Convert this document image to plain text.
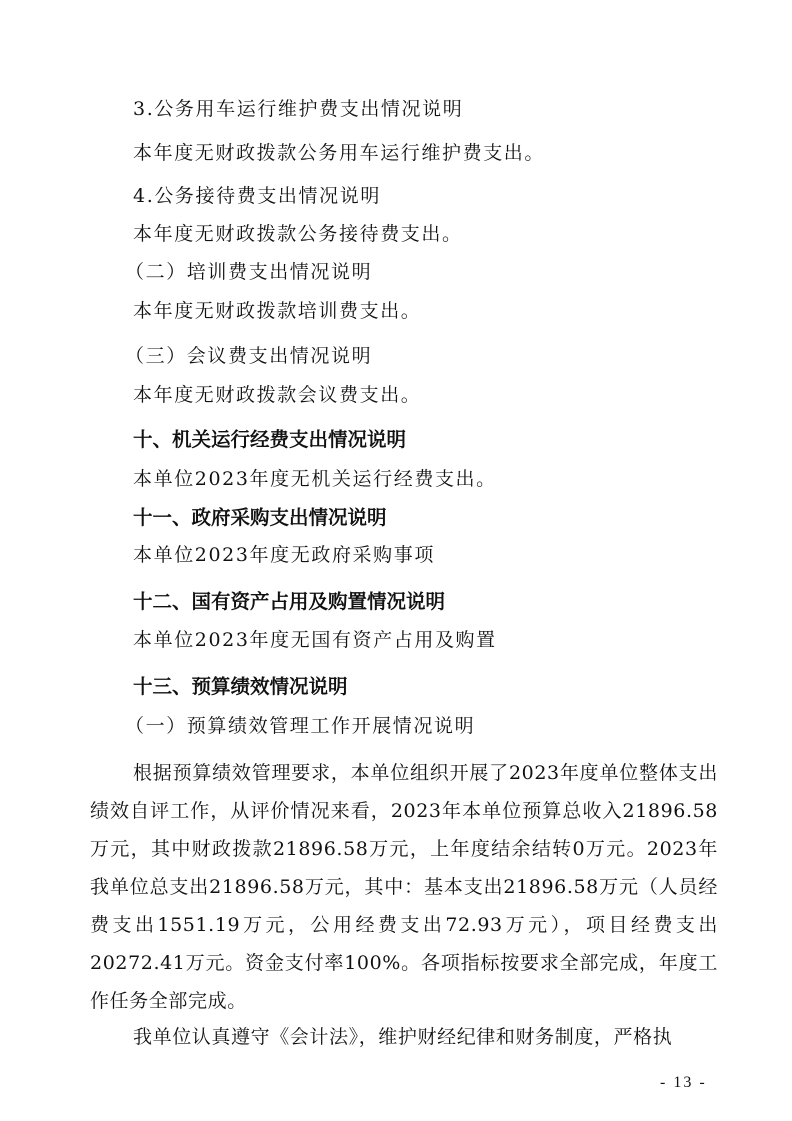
3.公务用车运行维护费支出情况说明
本年度无财政拨款公务用车运行维护费支出。
4.公务接待费支出情况说明
本年度无财政拨款公务接待费支出。
（二）培训费支出情况说明
本年度无财政拨款培训费支出。
（三）会议费支出情况说明
本年度无财政拨款会议费支出。
十、机关运行经费支出情况说明
本单位2023年度无机关运行经费支出。
十一、政府采购支出情况说明
本单位2023年度无政府采购事项
十二、国有资产占用及购置情况说明
本单位2023年度无国有资产占用及购置
十三、预算绩效情况说明
（一）预算绩效管理工作开展情况说明
根据预算绩效管理要求，本单位组织开展了2023年度单位整体支出绩效自评工作，从评价情况来看，2023年本单位预算总收入21896.58万元，其中财政拨款21896.58万元，上年度结余结转0万元。2023年我单位总支出21896.58万元，其中：基本支出21896.58万元（人员经费支出1551.19万元，公用经费支出72.93万元），项目经费支出20272.41万元。资金支付率100%。各项指标按要求全部完成，年度工作任务全部完成。
我单位认真遵守《会计法》，维护财经纪律和财务制度，严格执
- 13 -
